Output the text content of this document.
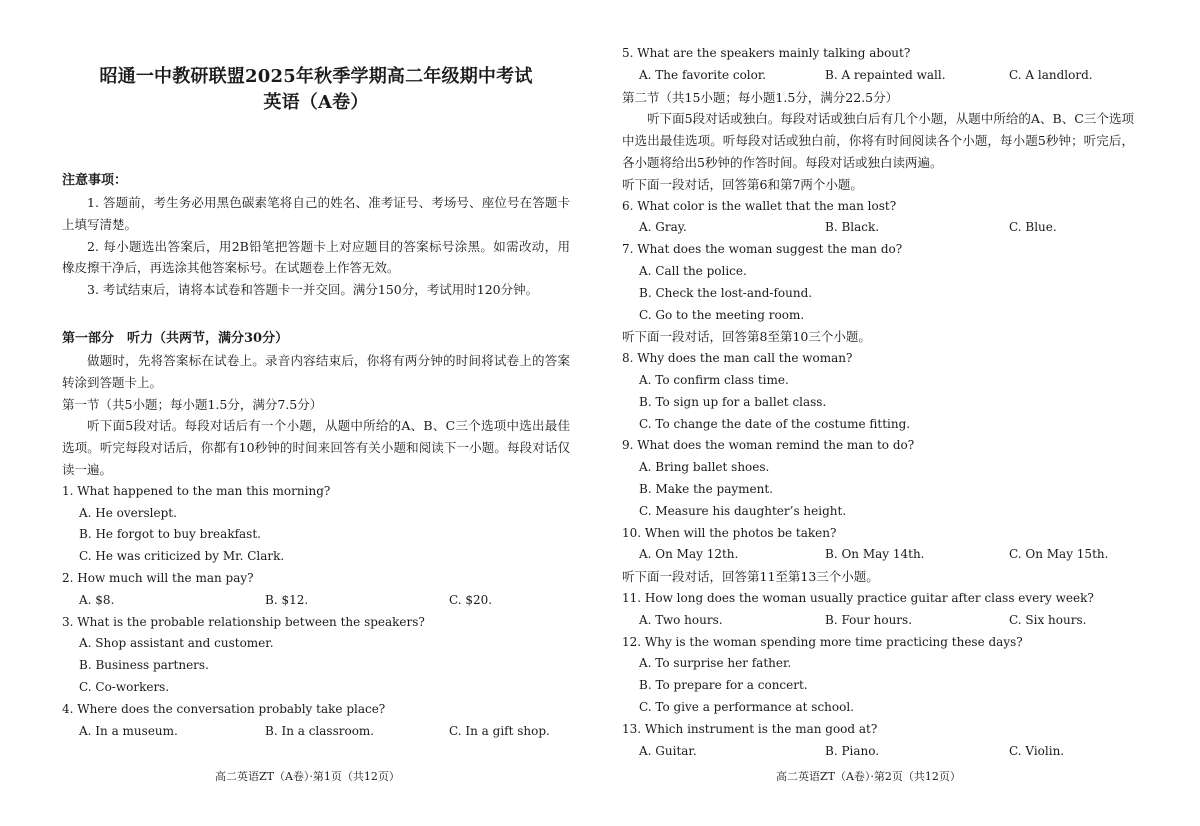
昭通一中教研联盟2025年秋季学期高二年级期中考试
英语（A卷）
注意事项：
1. 答题前，考生务必用黑色碳素笔将自己的姓名、准考证号、考场号、座位号在答题卡上填写清楚。
2. 每小题选出答案后，用2B铅笔把答题卡上对应题目的答案标号涂黑。如需改动，用橡皮擦干净后，再选涂其他答案标号。在试题卷上作答无效。
3. 考试结束后，请将本试卷和答题卡一并交回。满分150分，考试用时120分钟。
第一部分　听力（共两节，满分30分）
做题时，先将答案标在试卷上。录音内容结束后，你将有两分钟的时间将试卷上的答案转涂到答题卡上。
第一节（共5小题；每小题1.5分，满分7.5分）
听下面5段对话。每段对话后有一个小题，从题中所给的A、B、C三个选项中选出最佳选项。听完每段对话后，你都有10秒钟的时间来回答有关小题和阅读下一小题。每段对话仅读一遍。
1. What happened to the man this morning?
A. He overslept.
B. He forgot to buy breakfast.
C. He was criticized by Mr. Clark.
2. How much will the man pay?
A. $8.	B. $12.	C. $20.
3. What is the probable relationship between the speakers?
A. Shop assistant and customer.
B. Business partners.
C. Co-workers.
4. Where does the conversation probably take place?
A. In a museum.	B. In a classroom.	C. In a gift shop.
高二英语ZT（A卷）·第1页（共12页）
5. What are the speakers mainly talking about?
A. The favorite color.	B. A repainted wall.	C. A landlord.
第二节（共15小题；每小题1.5分，满分22.5分）
听下面5段对话或独白。每段对话或独白后有几个小题，从题中所给的A、B、C三个选项中选出最佳选项。听每段对话或独白前，你将有时间阅读各个小题，每小题5秒钟；听完后，各小题将给出5秒钟的作答时间。每段对话或独白读两遍。
听下面一段对话，回答第6和第7两个小题。
6. What color is the wallet that the man lost?
A. Gray.	B. Black.	C. Blue.
7. What does the woman suggest the man do?
A. Call the police.
B. Check the lost-and-found.
C. Go to the meeting room.
听下面一段对话，回答第8至第10三个小题。
8. Why does the man call the woman?
A. To confirm class time.
B. To sign up for a ballet class.
C. To change the date of the costume fitting.
9. What does the woman remind the man to do?
A. Bring ballet shoes.
B. Make the payment.
C. Measure his daughter’s height.
10. When will the photos be taken?
A. On May 12th.	B. On May 14th.	C. On May 15th.
听下面一段对话，回答第11至第13三个小题。
11. How long does the woman usually practice guitar after class every week?
A. Two hours.	B. Four hours.	C. Six hours.
12. Why is the woman spending more time practicing these days?
A. To surprise her father.
B. To prepare for a concert.
C. To give a performance at school.
13. Which instrument is the man good at?
A. Guitar.	B. Piano.	C. Violin.
高二英语ZT（A卷）·第2页（共12页）
